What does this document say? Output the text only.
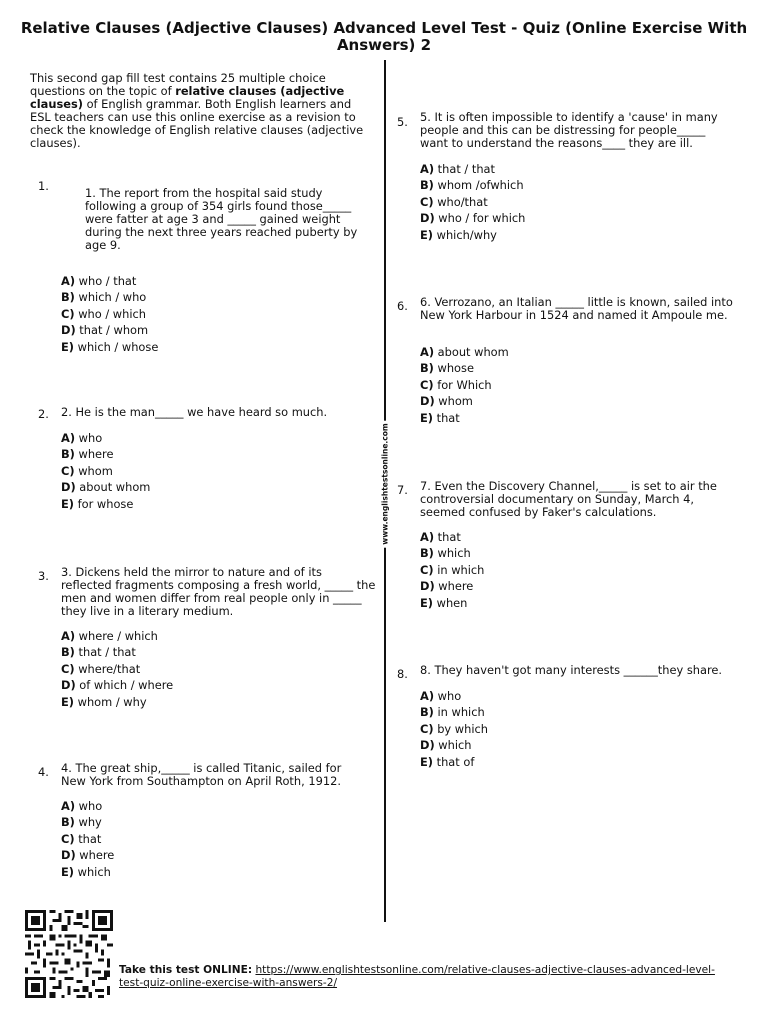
Relative Clauses (Adjective Clauses) Advanced Level Test - Quiz (Online Exercise With Answers) 2
This second gap fill test contains 25 multiple choice questions on the topic of relative clauses (adjective clauses) of English grammar. Both English learners and ESL teachers can use this online exercise as a revision to check the knowledge of English relative clauses (adjective clauses).
www.englishtestsonline.com
1.	1. The report from the hospital said study following a group of 354 girls found those_____ were fatter at age 3 and _____ gained weight during the next three years reached puberty by age 9.
A) who / that
B) which / who
C) who / which
D) that / whom
E) which / whose
2. 2. He is the man_____ we have heard so much.
A) who
B) where
C) whom
D) about whom
E) for whose
3. 3. Dickens held the mirror to nature and of its reflected fragments composing a fresh world, _____ the men and women differ from real people only in _____ they live in a literary medium.
A) where / which
B) that / that
C) where/that
D) of which / where
E) whom / why
4. 4. The great ship,_____ is called Titanic, sailed for New York from Southampton on April Roth, 1912.
A) who
B) why
C) that
D) where
E) which
5. 5. It is often impossible to identify a 'cause' in many people and this can be distressing for people_____ want to understand the reasons____ they are ill.
A) that / that
B) whom /ofwhich
C) who/that
D) who / for which
E) which/why
6. 6. Verrozano, an Italian _____ little is known, sailed into New York Harbour in 1524 and named it Ampoule me.
A) about whom
B) whose
C) for Which
D) whom
E) that
7. 7. Even the Discovery Channel,_____ is set to air the controversial documentary on Sunday, March 4, seemed confused by Faker's calculations.
A) that
B) which
C) in which
D) where
E) when
8. 8. They haven't got many interests ______they share.
A) who
B) in which
C) by which
D) which
E) that of
Take this test ONLINE: https://www.englishtestsonline.com/relative-clauses-adjective-clauses-advanced-level-test-quiz-online-exercise-with-answers-2/
